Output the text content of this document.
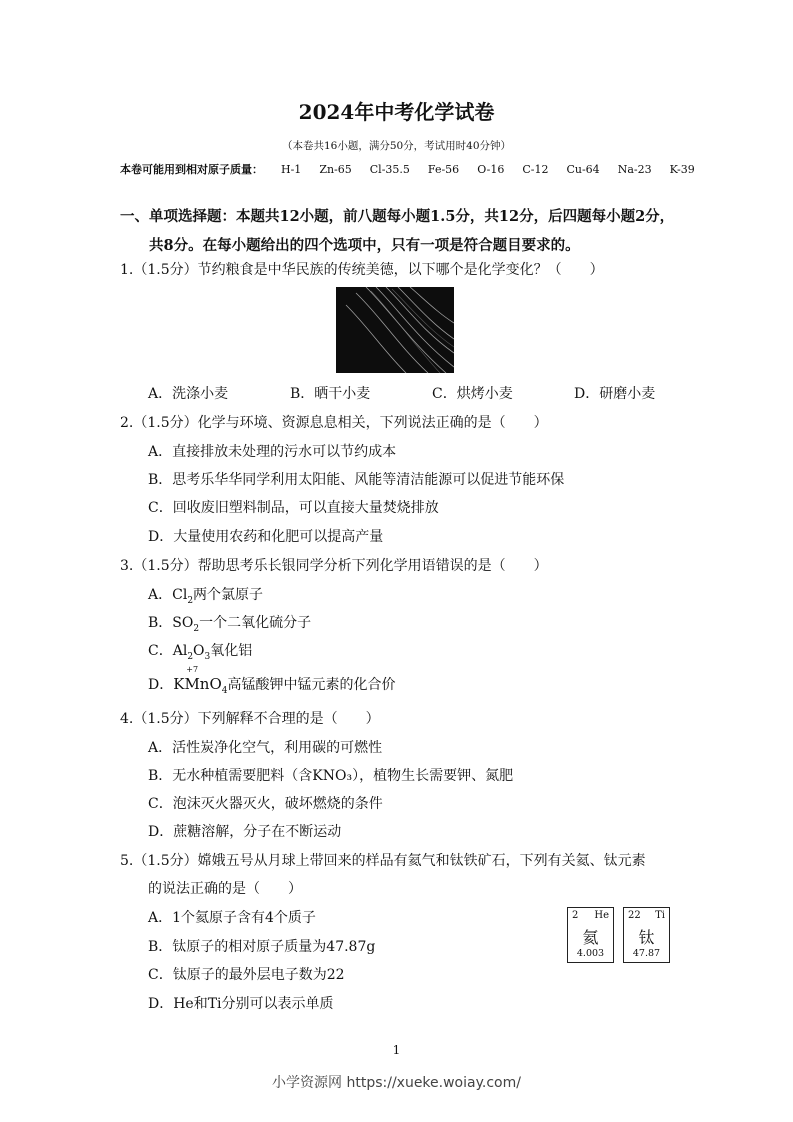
2024年中考化学试卷
（本卷共16小题，满分50分，考试用时40分钟）
本卷可能用到相对原子质量： H-1 Zn-65 Cl-35.5 Fe-56 O-16 C-12 Cu-64 Na-23 K-39
一、单项选择题：本题共12小题，前八题每小题1.5分，共12分，后四题每小题2分，
共8分。在每小题给出的四个选项中，只有一项是符合题目要求的。
1.（1.5分）节约粮食是中华民族的传统美德，以下哪个是化学变化？（　　）
A．洗涤小麦	B．晒干小麦	C．烘烤小麦	D．研磨小麦
2.（1.5分）化学与环境、资源息息相关，下列说法正确的是（　　）
A．直接排放未处理的污水可以节约成本
B．思考乐华华同学利用太阳能、风能等清洁能源可以促进节能环保
C．回收废旧塑料制品，可以直接大量焚烧排放
D．大量使用农药和化肥可以提高产量
3.（1.5分）帮助思考乐长银同学分析下列化学用语错误的是（　　）
A．$Cl_2$两个氯原子
B．$SO_2$一个二氧化硫分子
C．$Al_2O_3$氧化铝
D．
+7
KMnO$_4$高锰酸钾中锰元素的化合价
4.（1.5分）下列解释不合理的是（　　）
A．活性炭净化空气，利用碳的可燃性
B．无水种植需要肥料（含KNO₃），植物生长需要钾、氮肥
C．泡沫灭火器灭火，破坏燃烧的条件
D．蔗糖溶解，分子在不断运动
5.（1.5分）嫦娥五号从月球上带回来的样品有氦气和钛铁矿石，下列有关氦、钛元素
的说法正确的是（　　）
A．1个氦原子含有4个质子
B．钛原子的相对原子质量为47.87g
C．钛原子的最外层电子数为22
D．He和Ti分别可以表示单质
2 He
氦
4.003
22 Ti
钛
47.87
1
小学资源网 https://xueke.woiay.com/
